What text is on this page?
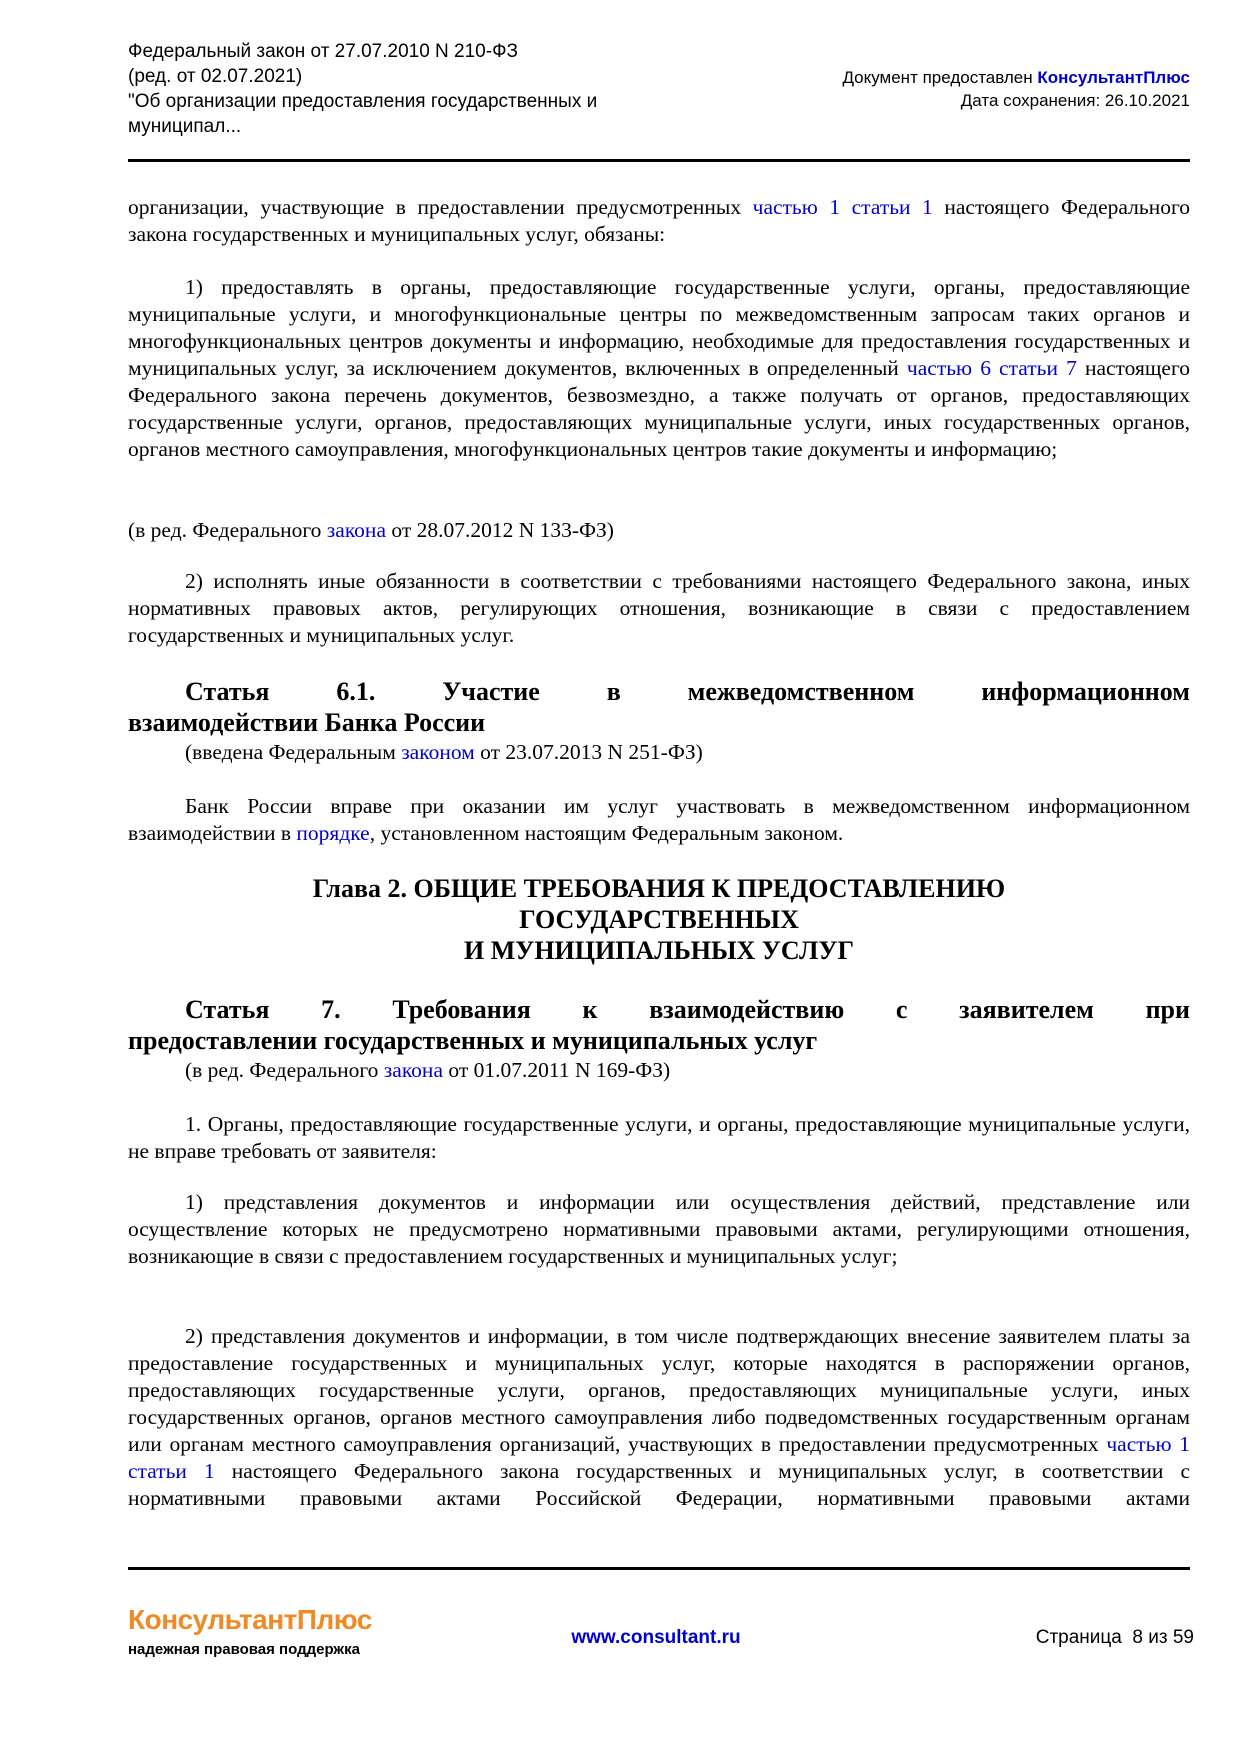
Федеральный закон от 27.07.2010 N 210-ФЗ
(ред. от 02.07.2021)
"Об организации предоставления государственных и
муниципал...
Документ предоставлен КонсультантПлюс
Дата сохранения: 26.10.2021
организации, участвующие в предоставлении предусмотренных частью 1 статьи 1 настоящего Федерального закона государственных и муниципальных услуг, обязаны:
1) предоставлять в органы, предоставляющие государственные услуги, органы, предоставляющие муниципальные услуги, и многофункциональные центры по межведомственным запросам таких органов и многофункциональных центров документы и информацию, необходимые для предоставления государственных и муниципальных услуг, за исключением документов, включенных в определенный частью 6 статьи 7 настоящего Федерального закона перечень документов, безвозмездно, а также получать от органов, предоставляющих государственные услуги, органов, предоставляющих муниципальные услуги, иных государственных органов, органов местного самоуправления, многофункциональных центров такие документы и информацию;
(в ред. Федерального закона от 28.07.2012 N 133-ФЗ)
2) исполнять иные обязанности в соответствии с требованиями настоящего Федерального закона, иных нормативных правовых актов, регулирующих отношения, возникающие в связи с предоставлением государственных и муниципальных услуг.
Статья 6.1. Участие в межведомственном информационном
взаимодействии Банка России
(введена Федеральным законом от 23.07.2013 N 251-ФЗ)
Банк России вправе при оказании им услуг участвовать в межведомственном информационном взаимодействии в порядке, установленном настоящим Федеральным законом.
Глава 2. ОБЩИЕ ТРЕБОВАНИЯ К ПРЕДОСТАВЛЕНИЮ
ГОСУДАРСТВЕННЫХ
И МУНИЦИПАЛЬНЫХ УСЛУГ
Статья 7. Требования к взаимодействию с заявителем при
предоставлении государственных и муниципальных услуг
(в ред. Федерального закона от 01.07.2011 N 169-ФЗ)
1. Органы, предоставляющие государственные услуги, и органы, предоставляющие муниципальные услуги, не вправе требовать от заявителя:
1) представления документов и информации или осуществления действий, представление или осуществление которых не предусмотрено нормативными правовыми актами, регулирующими отношения, возникающие в связи с предоставлением государственных и муниципальных услуг;
2) представления документов и информации, в том числе подтверждающих внесение заявителем платы за предоставление государственных и муниципальных услуг, которые находятся в распоряжении органов, предоставляющих государственные услуги, органов, предоставляющих муниципальные услуги, иных государственных органов, органов местного самоуправления либо подведомственных государственным органам или органам местного самоуправления организаций, участвующих в предоставлении предусмотренных частью 1 статьи 1 настоящего Федерального закона государственных и муниципальных услуг, в соответствии с нормативными правовыми актами Российской Федерации, нормативными правовыми актами
КонсультантПлюс
надежная правовая поддержка
www.consultant.ru	Страница  8 из 59
